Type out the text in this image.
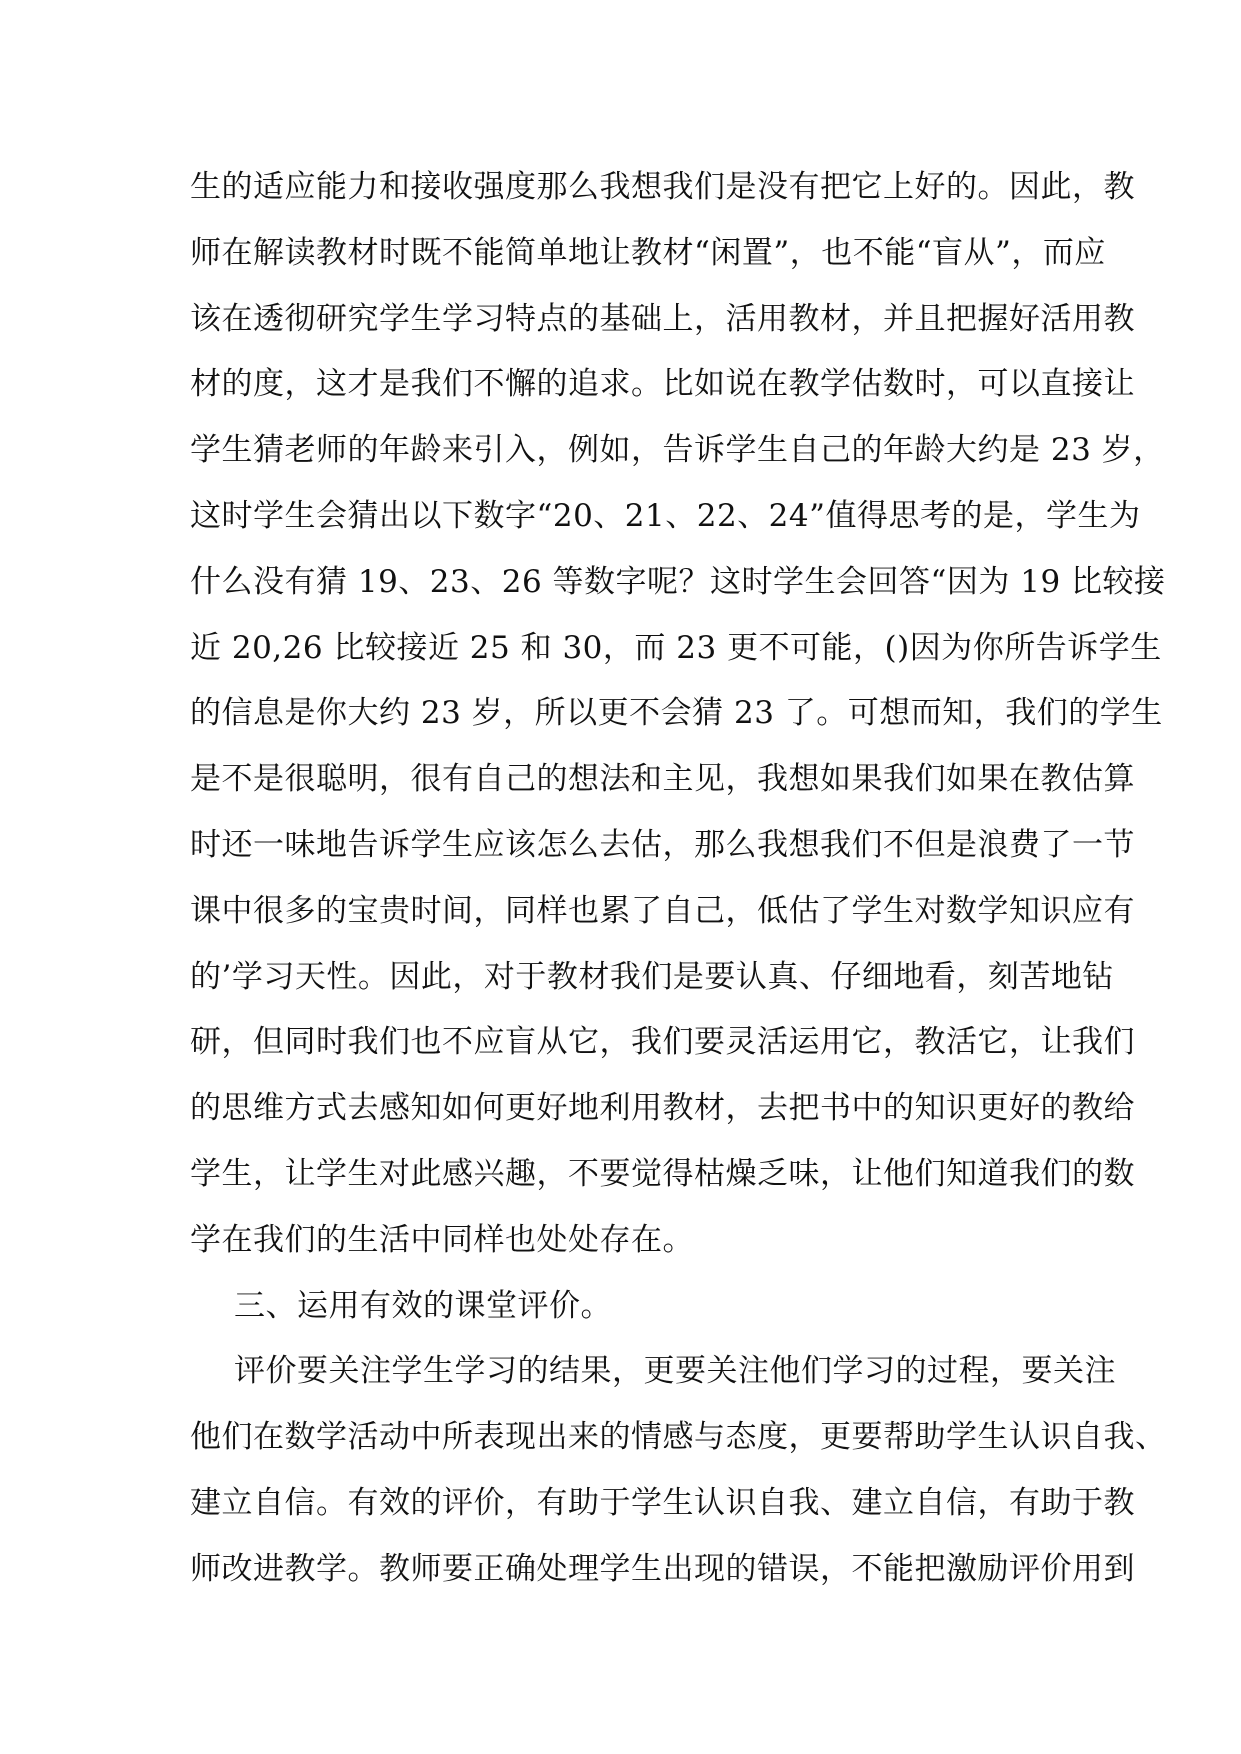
生的适应能力和接收强度那么我想我们是没有把它上好的。因此，教
师在解读教材时既不能简单地让教材“闲置”，也不能“盲从”，而应
该在透彻研究学生学习特点的基础上，活用教材，并且把握好活用教
材的度，这才是我们不懈的追求。比如说在教学估数时，可以直接让
学生猜老师的年龄来引入，例如，告诉学生自己的年龄大约是 23 岁，
这时学生会猜出以下数字“20、21、22、24”值得思考的是，学生为
什么没有猜 19、23、26 等数字呢？这时学生会回答“因为 19 比较接
近 20,26 比较接近 25 和 30，而 23 更不可能，()因为你所告诉学生
的信息是你大约 23 岁，所以更不会猜 23 了。可想而知，我们的学生
是不是很聪明，很有自己的想法和主见，我想如果我们如果在教估算
时还一味地告诉学生应该怎么去估，那么我想我们不但是浪费了一节
课中很多的宝贵时间，同样也累了自己，低估了学生对数学知识应有
的’学习天性。因此，对于教材我们是要认真、仔细地看，刻苦地钻
研，但同时我们也不应盲从它，我们要灵活运用它，教活它，让我们
的思维方式去感知如何更好地利用教材，去把书中的知识更好的教给
学生，让学生对此感兴趣，不要觉得枯燥乏味，让他们知道我们的数
学在我们的生活中同样也处处存在。
三、运用有效的课堂评价。
评价要关注学生学习的结果，更要关注他们学习的过程，要关注
他们在数学活动中所表现出来的情感与态度，更要帮助学生认识自我、
建立自信。有效的评价，有助于学生认识自我、建立自信，有助于教
师改进教学。教师要正确处理学生出现的错误，不能把激励评价用到
